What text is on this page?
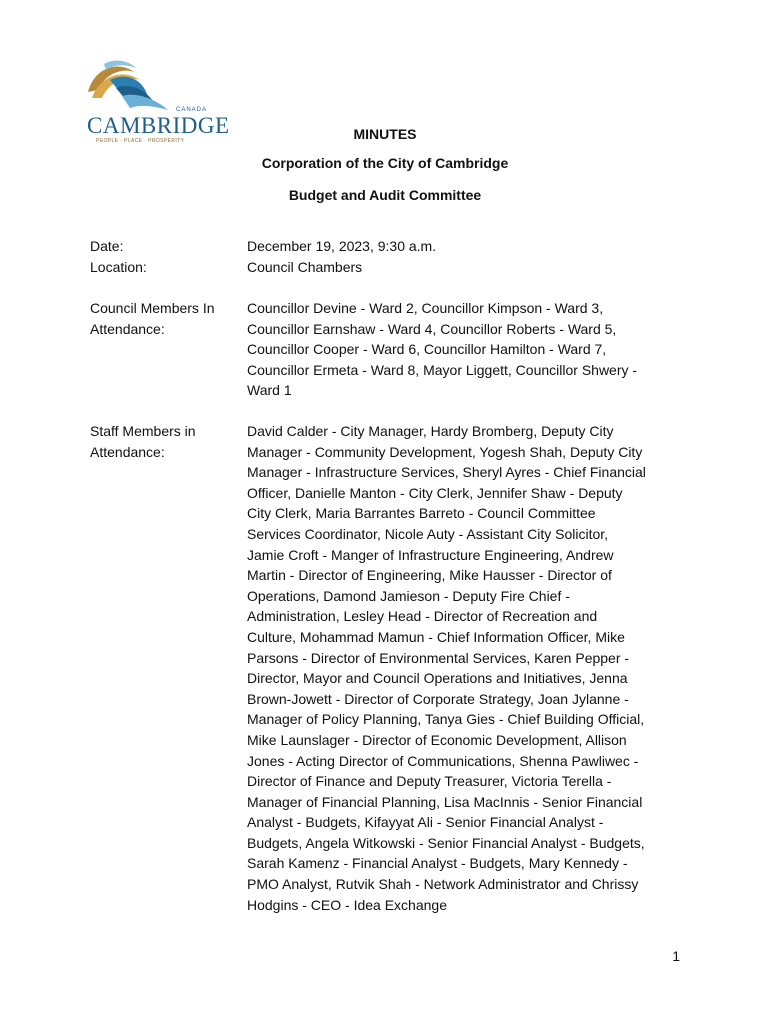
CANADA
CAMBRIDGE
PEOPLE · PLACE · PROSPERITY	MINUTES
Corporation of the City of Cambridge
Budget and Audit Committee
Date:	December 19, 2023, 9:30 a.m.
Location:	Council Chambers
Council Members In
Attendance:
Councillor Devine - Ward 2, Councillor Kimpson - Ward 3,
Councillor Earnshaw - Ward 4, Councillor Roberts - Ward 5,
Councillor Cooper - Ward 6, Councillor Hamilton - Ward 7,
Councillor Ermeta - Ward 8, Mayor Liggett, Councillor Shwery -
Ward 1
Staff Members in
Attendance:
David Calder - City Manager, Hardy Bromberg, Deputy City
Manager - Community Development, Yogesh Shah, Deputy City
Manager - Infrastructure Services, Sheryl Ayres - Chief Financial
Officer, Danielle Manton - City Clerk, Jennifer Shaw - Deputy
City Clerk, Maria Barrantes Barreto - Council Committee
Services Coordinator, Nicole Auty - Assistant City Solicitor,
Jamie Croft - Manger of Infrastructure Engineering, Andrew
Martin - Director of Engineering, Mike Hausser - Director of
Operations, Damond Jamieson - Deputy Fire Chief -
Administration, Lesley Head - Director of Recreation and
Culture, Mohammad Mamun - Chief Information Officer, Mike
Parsons - Director of Environmental Services, Karen Pepper -
Director, Mayor and Council Operations and Initiatives, Jenna
Brown-Jowett - Director of Corporate Strategy, Joan Jylanne -
Manager of Policy Planning, Tanya Gies - Chief Building Official,
Mike Launslager - Director of Economic Development, Allison
Jones - Acting Director of Communications, Shenna Pawliwec -
Director of Finance and Deputy Treasurer, Victoria Terella -
Manager of Financial Planning, Lisa MacInnis - Senior Financial
Analyst - Budgets, Kifayyat Ali - Senior Financial Analyst -
Budgets, Angela Witkowski - Senior Financial Analyst - Budgets,
Sarah Kamenz - Financial Analyst - Budgets, Mary Kennedy -
PMO Analyst, Rutvik Shah - Network Administrator and Chrissy
Hodgins - CEO - Idea Exchange
1
